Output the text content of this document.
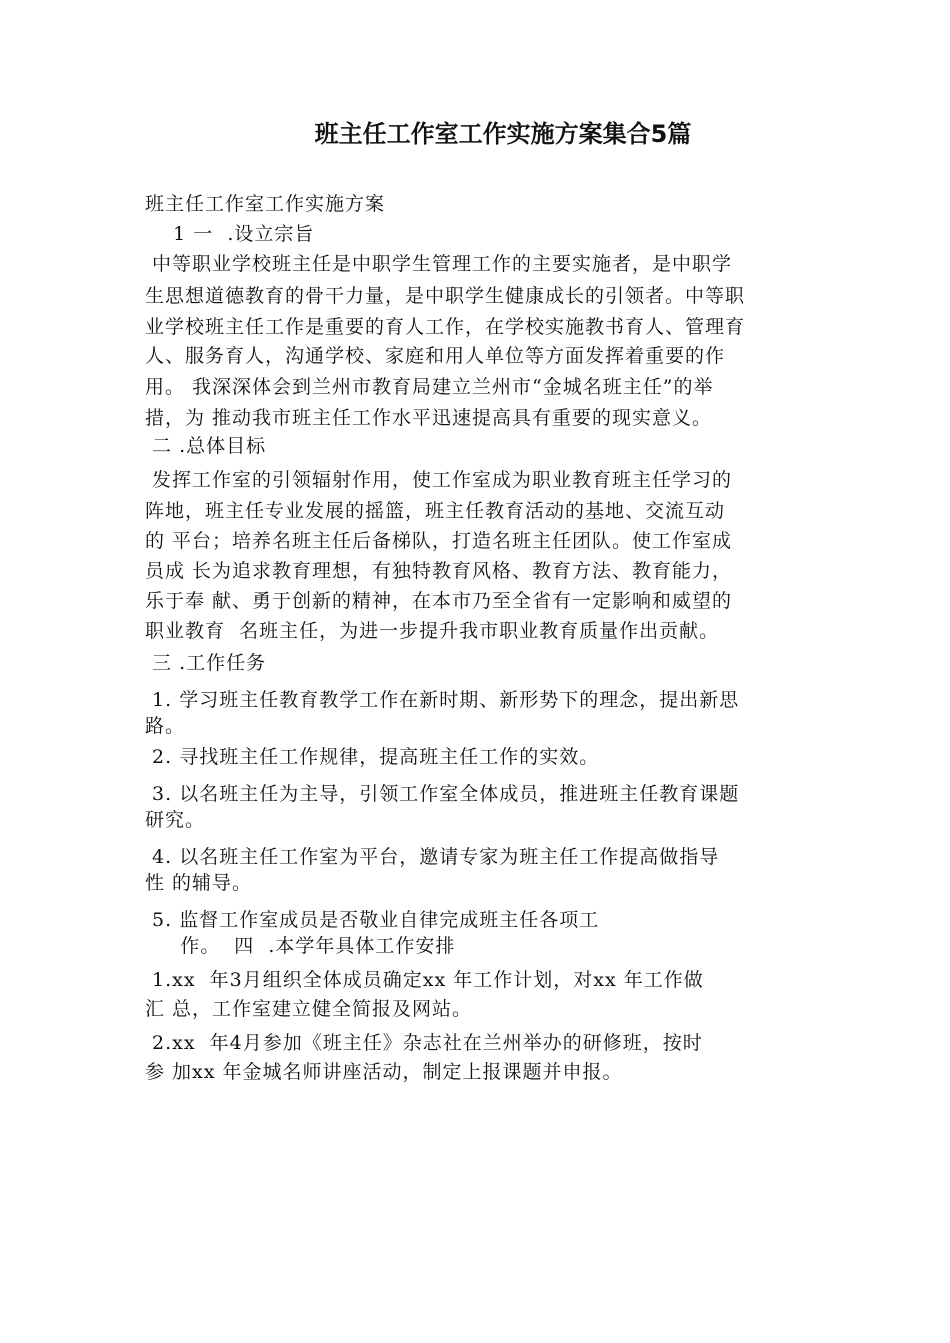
班主任工作室工作实施方案集合5篇
班主任工作室工作实施方案
1 一  .设立宗旨
中等职业学校班主任是中职学生管理工作的主要实施者，是中职学
生思想道德教育的骨干力量，是中职学生健康成长的引领者。中等职
业学校班主任工作是重要的育人工作，在学校实施教书育人、管理育
人、服务育人，沟通学校、家庭和用人单位等方面发挥着重要的作
用。 我深深体会到兰州市教育局建立兰州市“金城名班主任”的举
措，为 推动我市班主任工作水平迅速提高具有重要的现实意义。
二 .总体目标
发挥工作室的引领辐射作用，使工作室成为职业教育班主任学习的
阵地，班主任专业发展的摇篮，班主任教育活动的基地、交流互动
的 平台；培养名班主任后备梯队，打造名班主任团队。使工作室成
员成 长为追求教育理想，有独特教育风格、教育方法、教育能力，
乐于奉 献、勇于创新的精神，在本市乃至全省有一定影响和威望的
职业教育  名班主任，为进一步提升我市职业教育质量作出贡献。
三 .工作任务
1. 学习班主任教育教学工作在新时期、新形势下的理念，提出新思
路。
2. 寻找班主任工作规律，提高班主任工作的实效。
3. 以名班主任为主导，引领工作室全体成员，推进班主任教育课题
研究。
4. 以名班主任工作室为平台，邀请专家为班主任工作提高做指导
性 的辅导。
5. 监督工作室成员是否敬业自律完成班主任各项工
作。  四  .本学年具体工作安排
1.xx  年3月组织全体成员确定xx 年工作计划，对xx 年工作做
汇 总，工作室建立健全简报及网站。
2.xx  年4月参加《班主任》杂志社在兰州举办的研修班，按时
参 加xx 年金城名师讲座活动，制定上报课题并申报。
